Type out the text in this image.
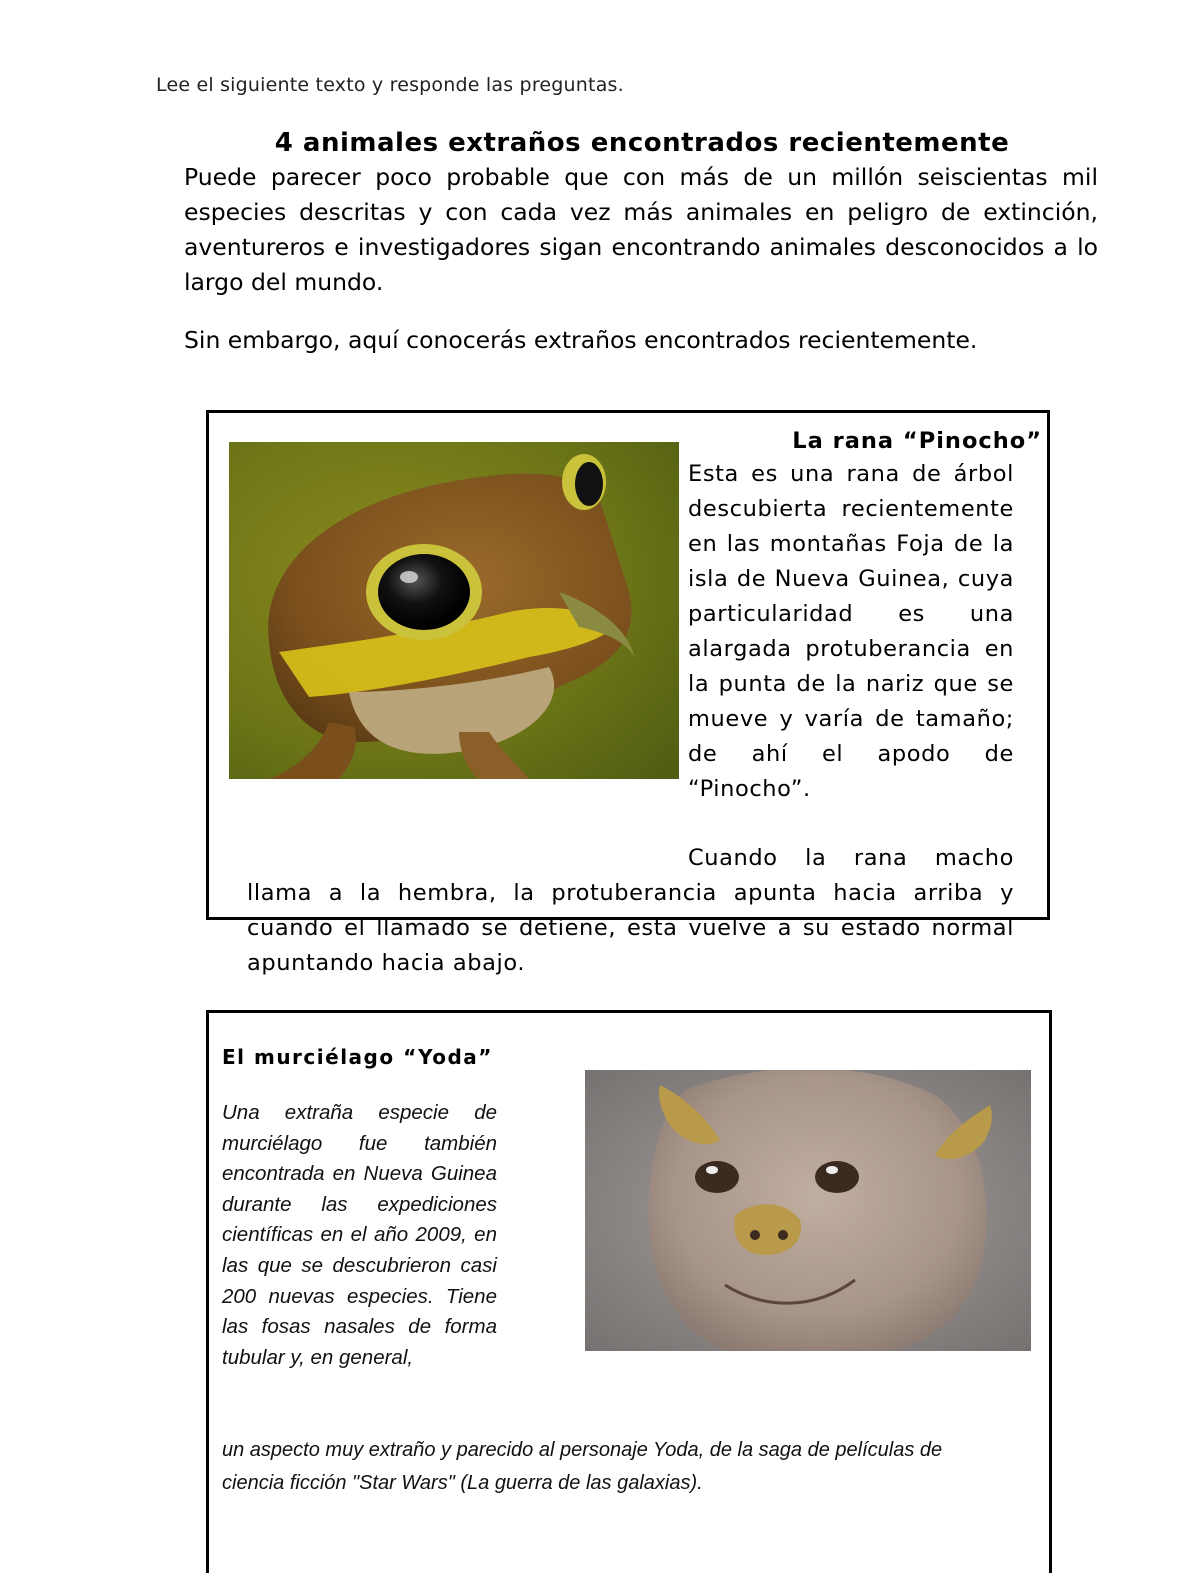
Lee el siguiente texto y responde las preguntas.
4 animales extraños encontrados recientemente
Puede parecer poco probable que con más de un millón seiscientas mil especies descritas y con cada vez más animales en peligro de extinción, aventureros e investigadores sigan encontrando animales desconocidos a lo largo del mundo.
Sin embargo, aquí conocerás extraños encontrados recientemente.
La rana “Pinocho”
Esta es una rana de árbol descubierta recientemente en las montañas Foja de la isla de Nueva Guinea, cuya particularidad es una alargada protuberancia en la punta de la nariz que se mueve y varía de tamaño; de ahí el apodo de “Pinocho”.
Cuando la rana macho
llama a la hembra, la protuberancia apunta hacia arriba y cuando el llamado se detiene, esta vuelve a su estado normal apuntando hacia abajo.
El murciélago “Yoda”
Una extraña especie de murciélago fue también encontrada en Nueva Guinea durante las expediciones científicas en el año 2009, en las que se descubrieron casi 200 nuevas especies. Tiene las fosas nasales de forma tubular y, en general,
un aspecto muy extraño y parecido al personaje Yoda, de la saga de películas de ciencia ficción "Star Wars" (La guerra de las galaxias).
